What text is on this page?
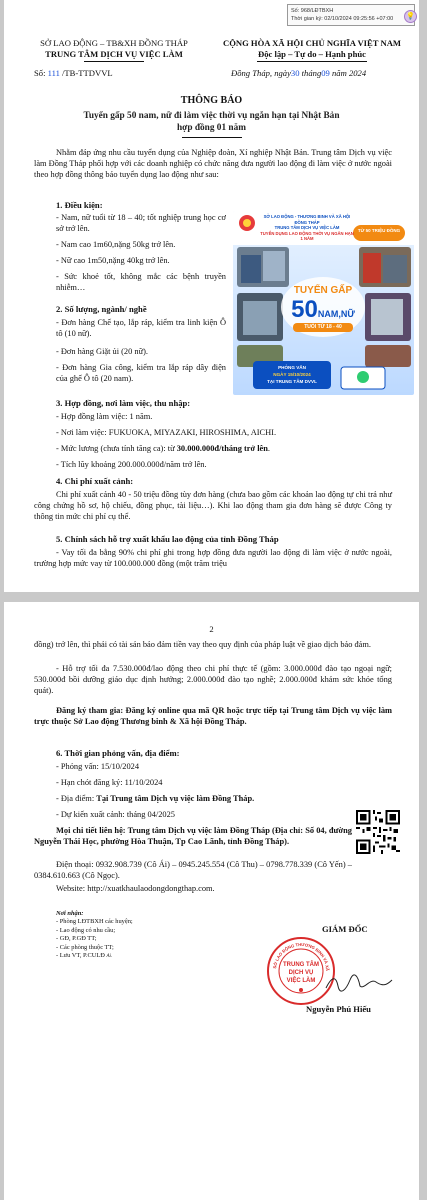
Số: 968/LĐTBXH
Thời gian ký: 02/10/2024 09:25:56 +07:00	💡
SỞ LAO ĐỘNG – TB&XH ĐỒNG THÁP
TRUNG TÂM DỊCH VỤ VIỆC LÀM
CỘNG HÒA XÃ HỘI CHỦ NGHĨA VIỆT NAM
Độc lập – Tự do – Hạnh phúc
Số: 111 /TB-TTDVVL	Đồng Tháp, ngày30 tháng09 năm 2024
THÔNG BÁO
Tuyển gấp 50 nam, nữ đi làm việc thời vụ ngắn hạn tại Nhật Bản
hợp đồng 01 năm
Nhằm đáp ứng nhu cầu tuyển dụng của Nghiệp đoàn, Xí nghiệp Nhật Bản. Trung tâm Dịch vụ việc làm Đồng Tháp phối hợp với các doanh nghiệp có chức năng đưa người lao động đi làm việc ở nước ngoài theo hợp đồng thông báo tuyển dụng lao động như sau:
1. Điều kiện:
- Nam, nữ tuổi từ 18 – 40; tốt nghiệp trung học cơ sở trở lên.
- Nam cao 1m60,nặng 50kg trở lên.
- Nữ cao 1m50,nặng 40kg trở lên.
- Sức khoẻ tốt, không mắc các bệnh truyền nhiễm…
2. Số lượng, ngành/ nghề
- Đơn hàng Chế tạo, lắp ráp, kiểm tra linh kiện Ô tô (10 nữ).
- Đơn hàng Giặt ủi (20 nữ).
- Đơn hàng Gia công, kiểm tra lắp ráp dây điện của ghế Ô tô (20 nam).
SỞ LAO ĐỘNG - THƯƠNG BINH VÀ XÃ HỘI ĐỒNG THÁP
TRUNG TÂM DỊCH VỤ VIỆC LÀM
TUYỂN DỤNG LAO ĐỘNG THỜI VỤ NGẮN HẠN 1 NĂM
TỪ 50 TRIỆU ĐỒNG
TUYỂN GẤP
50NAM,NỮ
TUỔI TỪ 18 - 40
PHỎNG VẤN
NGÀY 15/10/2024
TẠI TRUNG TÂM DVVL
3. Hợp đồng, nơi làm việc, thu nhập:
- Hợp đồng làm việc: 1 năm.
- Nơi làm việc: FUKUOKA, MIYAZAKI, HIROSHIMA, AICHI.
- Mức lương (chưa tính tăng ca): từ 30.000.000đ/tháng trở lên.
- Tích lũy khoảng 200.000.000đ/năm trở lên.
4. Chi phí xuất cảnh:
Chi phí xuất cảnh 40 - 50 triệu đồng tùy đơn hàng (chưa bao gồm các khoản lao động tự chi trả như công chứng hồ sơ, hộ chiếu, đồng phục, tài liệu…). Khi lao động tham gia đơn hàng sẽ được Công ty thông tin mức chi phí cụ thể.
5. Chính sách hỗ trợ xuất khẩu lao động của tỉnh Đồng Tháp
- Vay tối đa bằng 90% chi phí ghi trong hợp đồng đưa người lao động đi làm việc ở nước ngoài, trường hợp mức vay từ 100.000.000 đồng (một trăm triệu
2
đồng) trở lên, thì phải có tài sản bảo đảm tiền vay theo quy định của pháp luật về giao dịch bảo đảm.
- Hỗ trợ tối đa 7.530.000đ/lao động theo chi phí thực tế (gồm: 3.000.000đ đào tạo ngoại ngữ; 530.000đ bồi dưỡng giáo dục định hướng; 2.000.000đ đào tạo nghề; 2.000.000đ khám sức khỏe tổng quát).
Đăng ký tham gia: Đăng ký online qua mã QR hoặc trực tiếp tại Trung tâm Dịch vụ việc làm trực thuộc Sở Lao động Thương binh & Xã hội Đồng Tháp.
6. Thời gian phỏng vấn, địa điểm:
- Phỏng vấn: 15/10/2024
- Hạn chót đăng ký: 11/10/2024
- Địa điểm: Tại Trung tâm Dịch vụ việc làm Đồng Tháp.
- Dự kiến xuất cảnh: tháng 04/2025
Mọi chi tiết liên hệ: Trung tâm Dịch vụ việc làm Đồng Tháp (Địa chỉ: Số 04, đường Nguyễn Thái Học, phường Hòa Thuận, Tp Cao Lãnh, tỉnh Đồng Tháp).
Điện thoại: 0932.908.739 (Cô Ái) – 0945.245.554 (Cô Thu) – 0798.778.339 (Cô Yến) – 0384.610.663 (Cô Ngọc).
Website: http://xuatkhaulaodongdongthap.com.
Nơi nhận:
- Phòng LĐTBXH các huyện;
- Lao động có nhu cầu;
- GĐ, P.GĐ TT;
- Các phòng thuộc TT;
- Lưu VT, P.CULĐ Ai.
GIÁM ĐỐC
SỞ LAO ĐỘNG THƯƠNG BINH VÀ XÃ
TRUNG TÂM
DỊCH VỤ
VIỆC LÀM
Nguyễn Phú Hiếu
